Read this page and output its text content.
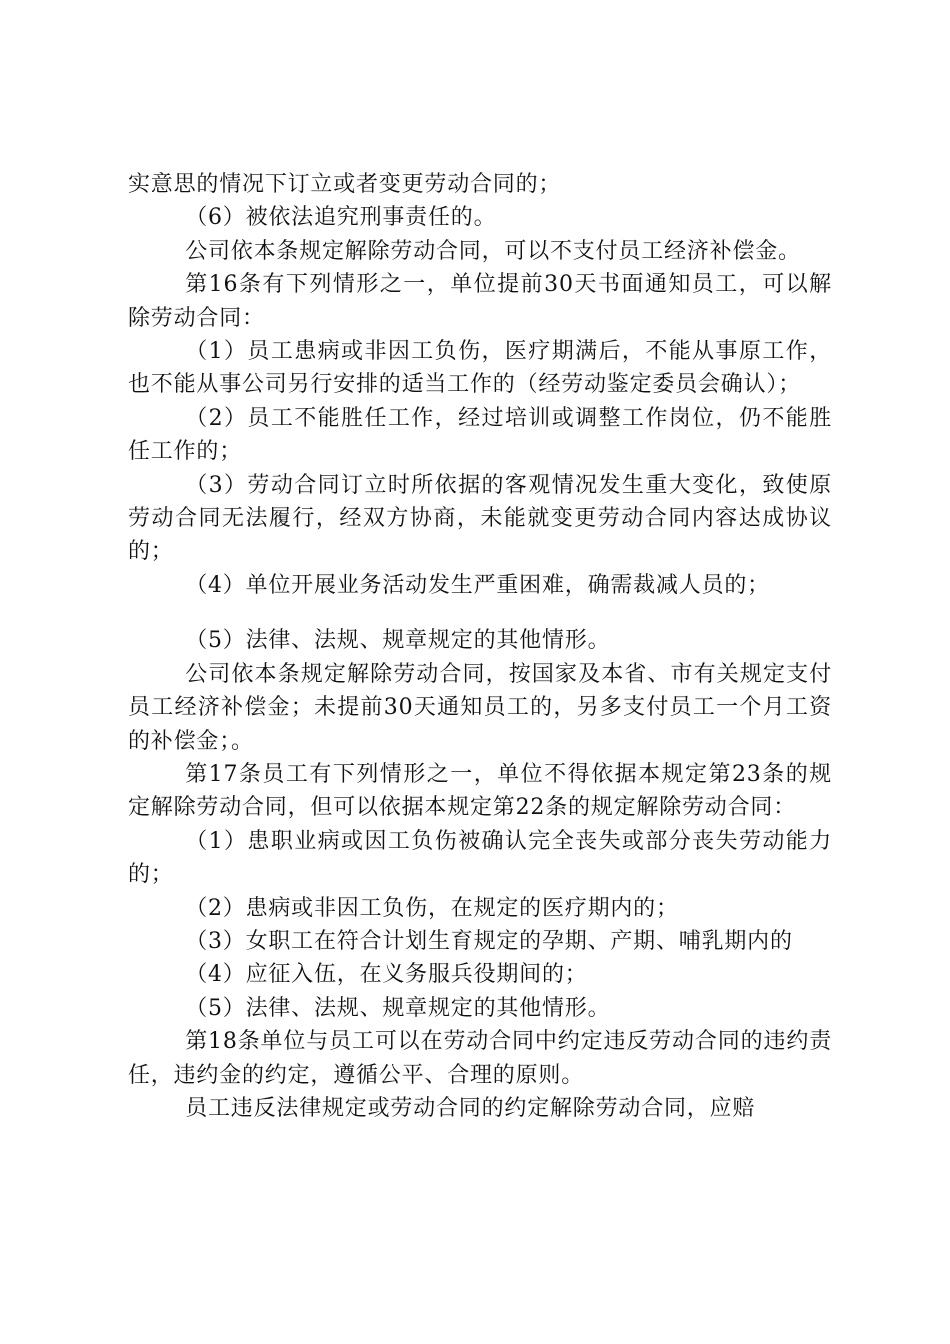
实意思的情况下订立或者变更劳动合同的；

（6）被依法追究刑事责任的。

公司依本条规定解除劳动合同，可以不支付员工经济补偿金。

第16条有下列情形之一，单位提前30天书面通知员工，可以解除劳动合同：

（1）员工患病或非因工负伤，医疗期满后，不能从事原工作，也不能从事公司另行安排的适当工作的（经劳动鉴定委员会确认）；

（2）员工不能胜任工作，经过培训或调整工作岗位，仍不能胜任工作的；

（3）劳动合同订立时所依据的客观情况发生重大变化，致使原劳动合同无法履行，经双方协商，未能就变更劳动合同内容达成协议的；

（4）单位开展业务活动发生严重困难，确需裁减人员的；

（5）法律、法规、规章规定的其他情形。

公司依本条规定解除劳动合同，按国家及本省、市有关规定支付员工经济补偿金；未提前30天通知员工的，另多支付员工一个月工资的补偿金；。

第17条员工有下列情形之一，单位不得依据本规定第23条的规定解除劳动合同，但可以依据本规定第22条的规定解除劳动合同：

（1）患职业病或因工负伤被确认完全丧失或部分丧失劳动能力的；

（2）患病或非因工负伤，在规定的医疗期内的；

（3）女职工在符合计划生育规定的孕期、产期、哺乳期内的

（4）应征入伍，在义务服兵役期间的；

（5）法律、法规、规章规定的其他情形。

第18条单位与员工可以在劳动合同中约定违反劳动合同的违约责任，违约金的约定，遵循公平、合理的原则。

员工违反法律规定或劳动合同的约定解除劳动合同，应赔
